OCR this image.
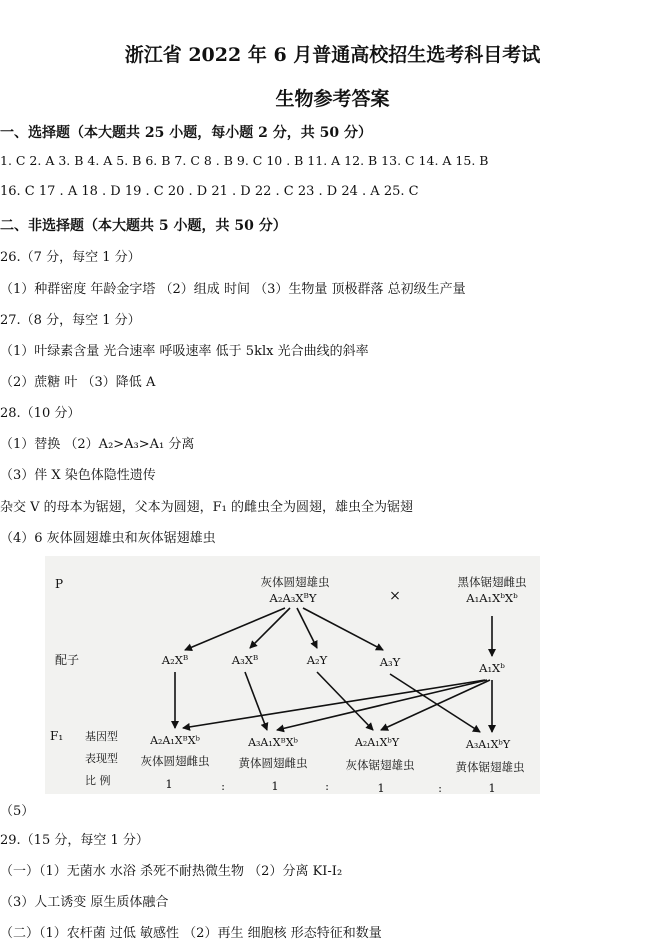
浙江省 2022 年 6 月普通高校招生选考科目考试
生物参考答案
一、选择题（本大题共 25 小题，每小题 2 分，共 50 分）
1. C 2. A 3. B 4. A 5. B 6. B 7. C 8 . B 9. C 10 . B 11. A 12. B 13. C 14. A 15. B
16. C 17 . A 18 . D 19 . C 20 . D 21 . D 22 . C 23 . D 24 . A 25. C
二、非选择题（本大题共 5 小题，共 50 分）
26.（7 分，每空 1 分）
（1）种群密度 年龄金字塔 （2）组成 时间 （3）生物量 顶极群落 总初级生产量
27.（8 分，每空 1 分）
（1）叶绿素含量 光合速率 呼吸速率 低于 5klx 光合曲线的斜率
（2）蔗糖 叶 （3）降低 A
28.（10 分）
（1）替换 （2）A₂>A₃>A₁ 分离
（3）伴 X 染色体隐性遗传
杂交 V 的母本为锯翅，父本为圆翅，F₁ 的雌虫全为圆翅，雄虫全为锯翅
（4）6 灰体圆翅雄虫和灰体锯翅雄虫
P
配子
F₁ 基因型
表现型
比 例
灰体圆翅雄虫
A₂A₃XᴮY	×
黑体锯翅雌虫
A₁A₁XᵇXᵇ
A₂Xᴮ	A₃Xᴮ	A₂Y	A₃Y	A₁Xᵇ
A₂A₁XᴮXᵇ	A₃A₁XᴮXᵇ	A₂A₁XᵇY	A₃A₁XᵇY
灰体圆翅雌虫	黄体圆翅雌虫	灰体锯翅雄虫	黄体锯翅雄虫
1	:	1	:	1	:	1
（5）
29.（15 分，每空 1 分）
（一）（1）无菌水 水浴 杀死不耐热微生物 （2）分离 KI-I₂
（3）人工诱变 原生质体融合
（二）（1）农杆菌 过低 敏感性 （2）再生 细胞核 形态特征和数量
